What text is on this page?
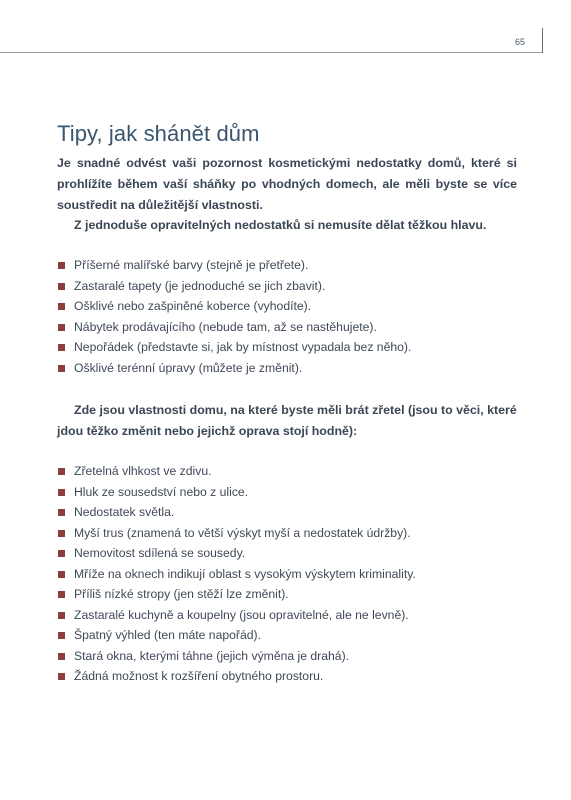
65
Tipy, jak shánět dům

Je snadné odvést vaši pozornost kosmetickými nedostatky domů, které si prohlížíte během vaší sháňky po vhodných domech, ale měli byste se více soustředit na důležitější vlastnosti.

Z jednoduše opravitelných nedostatků si nemusíte dělat těžkou hlavu.

Příšerné malířské barvy (stejně je přetřete).
Zastaralé tapety (je jednoduché se jich zbavit).
Ošklivé nebo zašpiněné koberce (vyhodíte).
Nábytek prodávajícího (nebude tam, až se nastěhujete).
Nepořádek (představte si, jak by místnost vypadala bez něho).
Ošklivé terénní úpravy (můžete je změnit).

Zde jsou vlastnosti domu, na které byste měli brát zřetel (jsou to věci, které jdou těžko změnit nebo jejichž oprava stojí hodně):

Zřetelná vlhkost ve zdivu.
Hluk ze sousedství nebo z ulice.
Nedostatek světla.
Myší trus (znamená to větší výskyt myší a nedostatek údržby).
Nemovitost sdílená se sousedy.
Mříže na oknech indikují oblast s vysokým výskytem kriminality.
Příliš nízké stropy (jen stěží lze změnit).
Zastaralé kuchyně a koupelny (jsou opravitelné, ale ne levně).
Špatný výhled (ten máte napořád).
Stará okna, kterými táhne (jejich výměna je drahá).
Žádná možnost k rozšíření obytného prostoru.
